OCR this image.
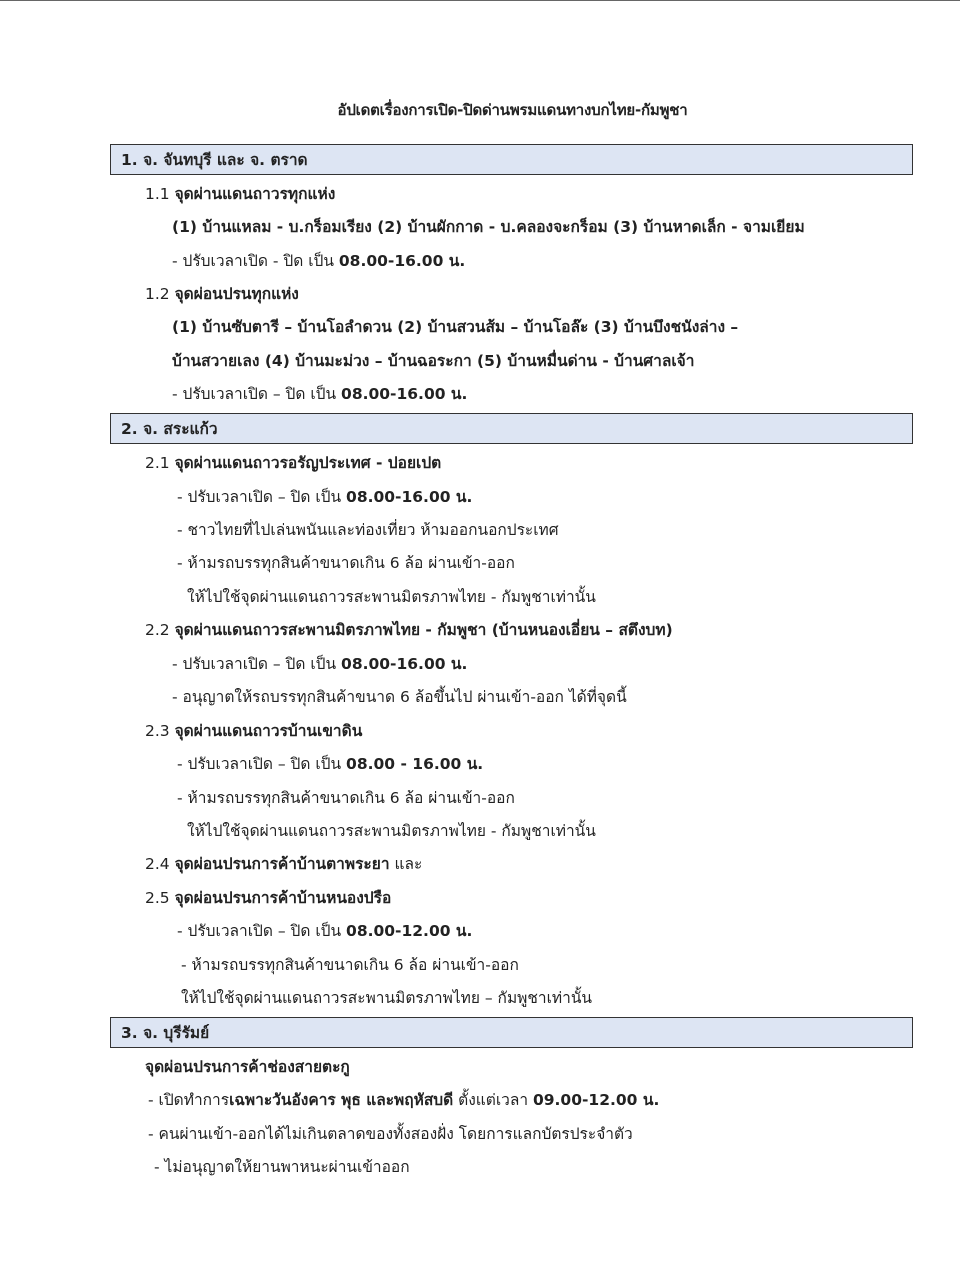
อัปเดตเรื่องการเปิด-ปิดด่านพรมแดนทางบกไทย-กัมพูชา
1. จ. จันทบุรี และ จ. ตราด
1.1 จุดผ่านแดนถาวรทุกแห่ง
(1) บ้านแหลม - บ.กร็อมเรียง (2) บ้านผักกาด - บ.คลองจะกร็อม (3) บ้านหาดเล็ก - จามเยียม
- ปรับเวลาเปิด - ปิด เป็น 08.00-16.00 น.
1.2 จุดผ่อนปรนทุกแห่ง
(1) บ้านซับตารี – บ้านโอลำดวน (2) บ้านสวนส้ม – บ้านโอล๊ะ (3) บ้านบึงชนังล่าง –
บ้านสวายเลง (4) บ้านมะม่วง – บ้านฉอระกา (5) บ้านหมื่นด่าน - บ้านศาลเจ้า
- ปรับเวลาเปิด – ปิด เป็น 08.00-16.00 น.
2. จ. สระแก้ว
2.1 จุดผ่านแดนถาวรอรัญประเทศ - ปอยเปต
- ปรับเวลาเปิด – ปิด เป็น 08.00-16.00 น.
- ชาวไทยที่ไปเล่นพนันและท่องเที่ยว ห้ามออกนอกประเทศ
- ห้ามรถบรรทุกสินค้าขนาดเกิน 6 ล้อ ผ่านเข้า-ออก
ให้ไปใช้จุดผ่านแดนถาวรสะพานมิตรภาพไทย - กัมพูชาเท่านั้น
2.2 จุดผ่านแดนถาวรสะพานมิตรภาพไทย - กัมพูชา (บ้านหนองเอี่ยน – สตึงบท)
- ปรับเวลาเปิด – ปิด เป็น 08.00-16.00 น.
- อนุญาตให้รถบรรทุกสินค้าขนาด 6 ล้อขึ้นไป ผ่านเข้า-ออก ได้ที่จุดนี้
2.3 จุดผ่านแดนถาวรบ้านเขาดิน
- ปรับเวลาเปิด – ปิด เป็น 08.00 - 16.00 น.
- ห้ามรถบรรทุกสินค้าขนาดเกิน 6 ล้อ ผ่านเข้า-ออก
ให้ไปใช้จุดผ่านแดนถาวรสะพานมิตรภาพไทย - กัมพูชาเท่านั้น
2.4 จุดผ่อนปรนการค้าบ้านตาพระยา และ
2.5 จุดผ่อนปรนการค้าบ้านหนองปรือ
- ปรับเวลาเปิด – ปิด เป็น 08.00-12.00 น.
- ห้ามรถบรรทุกสินค้าขนาดเกิน 6 ล้อ ผ่านเข้า-ออก
ให้ไปใช้จุดผ่านแดนถาวรสะพานมิตรภาพไทย – กัมพูชาเท่านั้น
3. จ. บุรีรัมย์
จุดผ่อนปรนการค้าช่องสายตะกู
- เปิดทำการเฉพาะวันอังคาร พุธ และพฤหัสบดี ตั้งแต่เวลา 09.00-12.00 น.
- คนผ่านเข้า-ออกได้ไม่เกินตลาดของทั้งสองฝั่ง โดยการแลกบัตรประจำตัว
- ไม่อนุญาตให้ยานพาหนะผ่านเข้าออก
